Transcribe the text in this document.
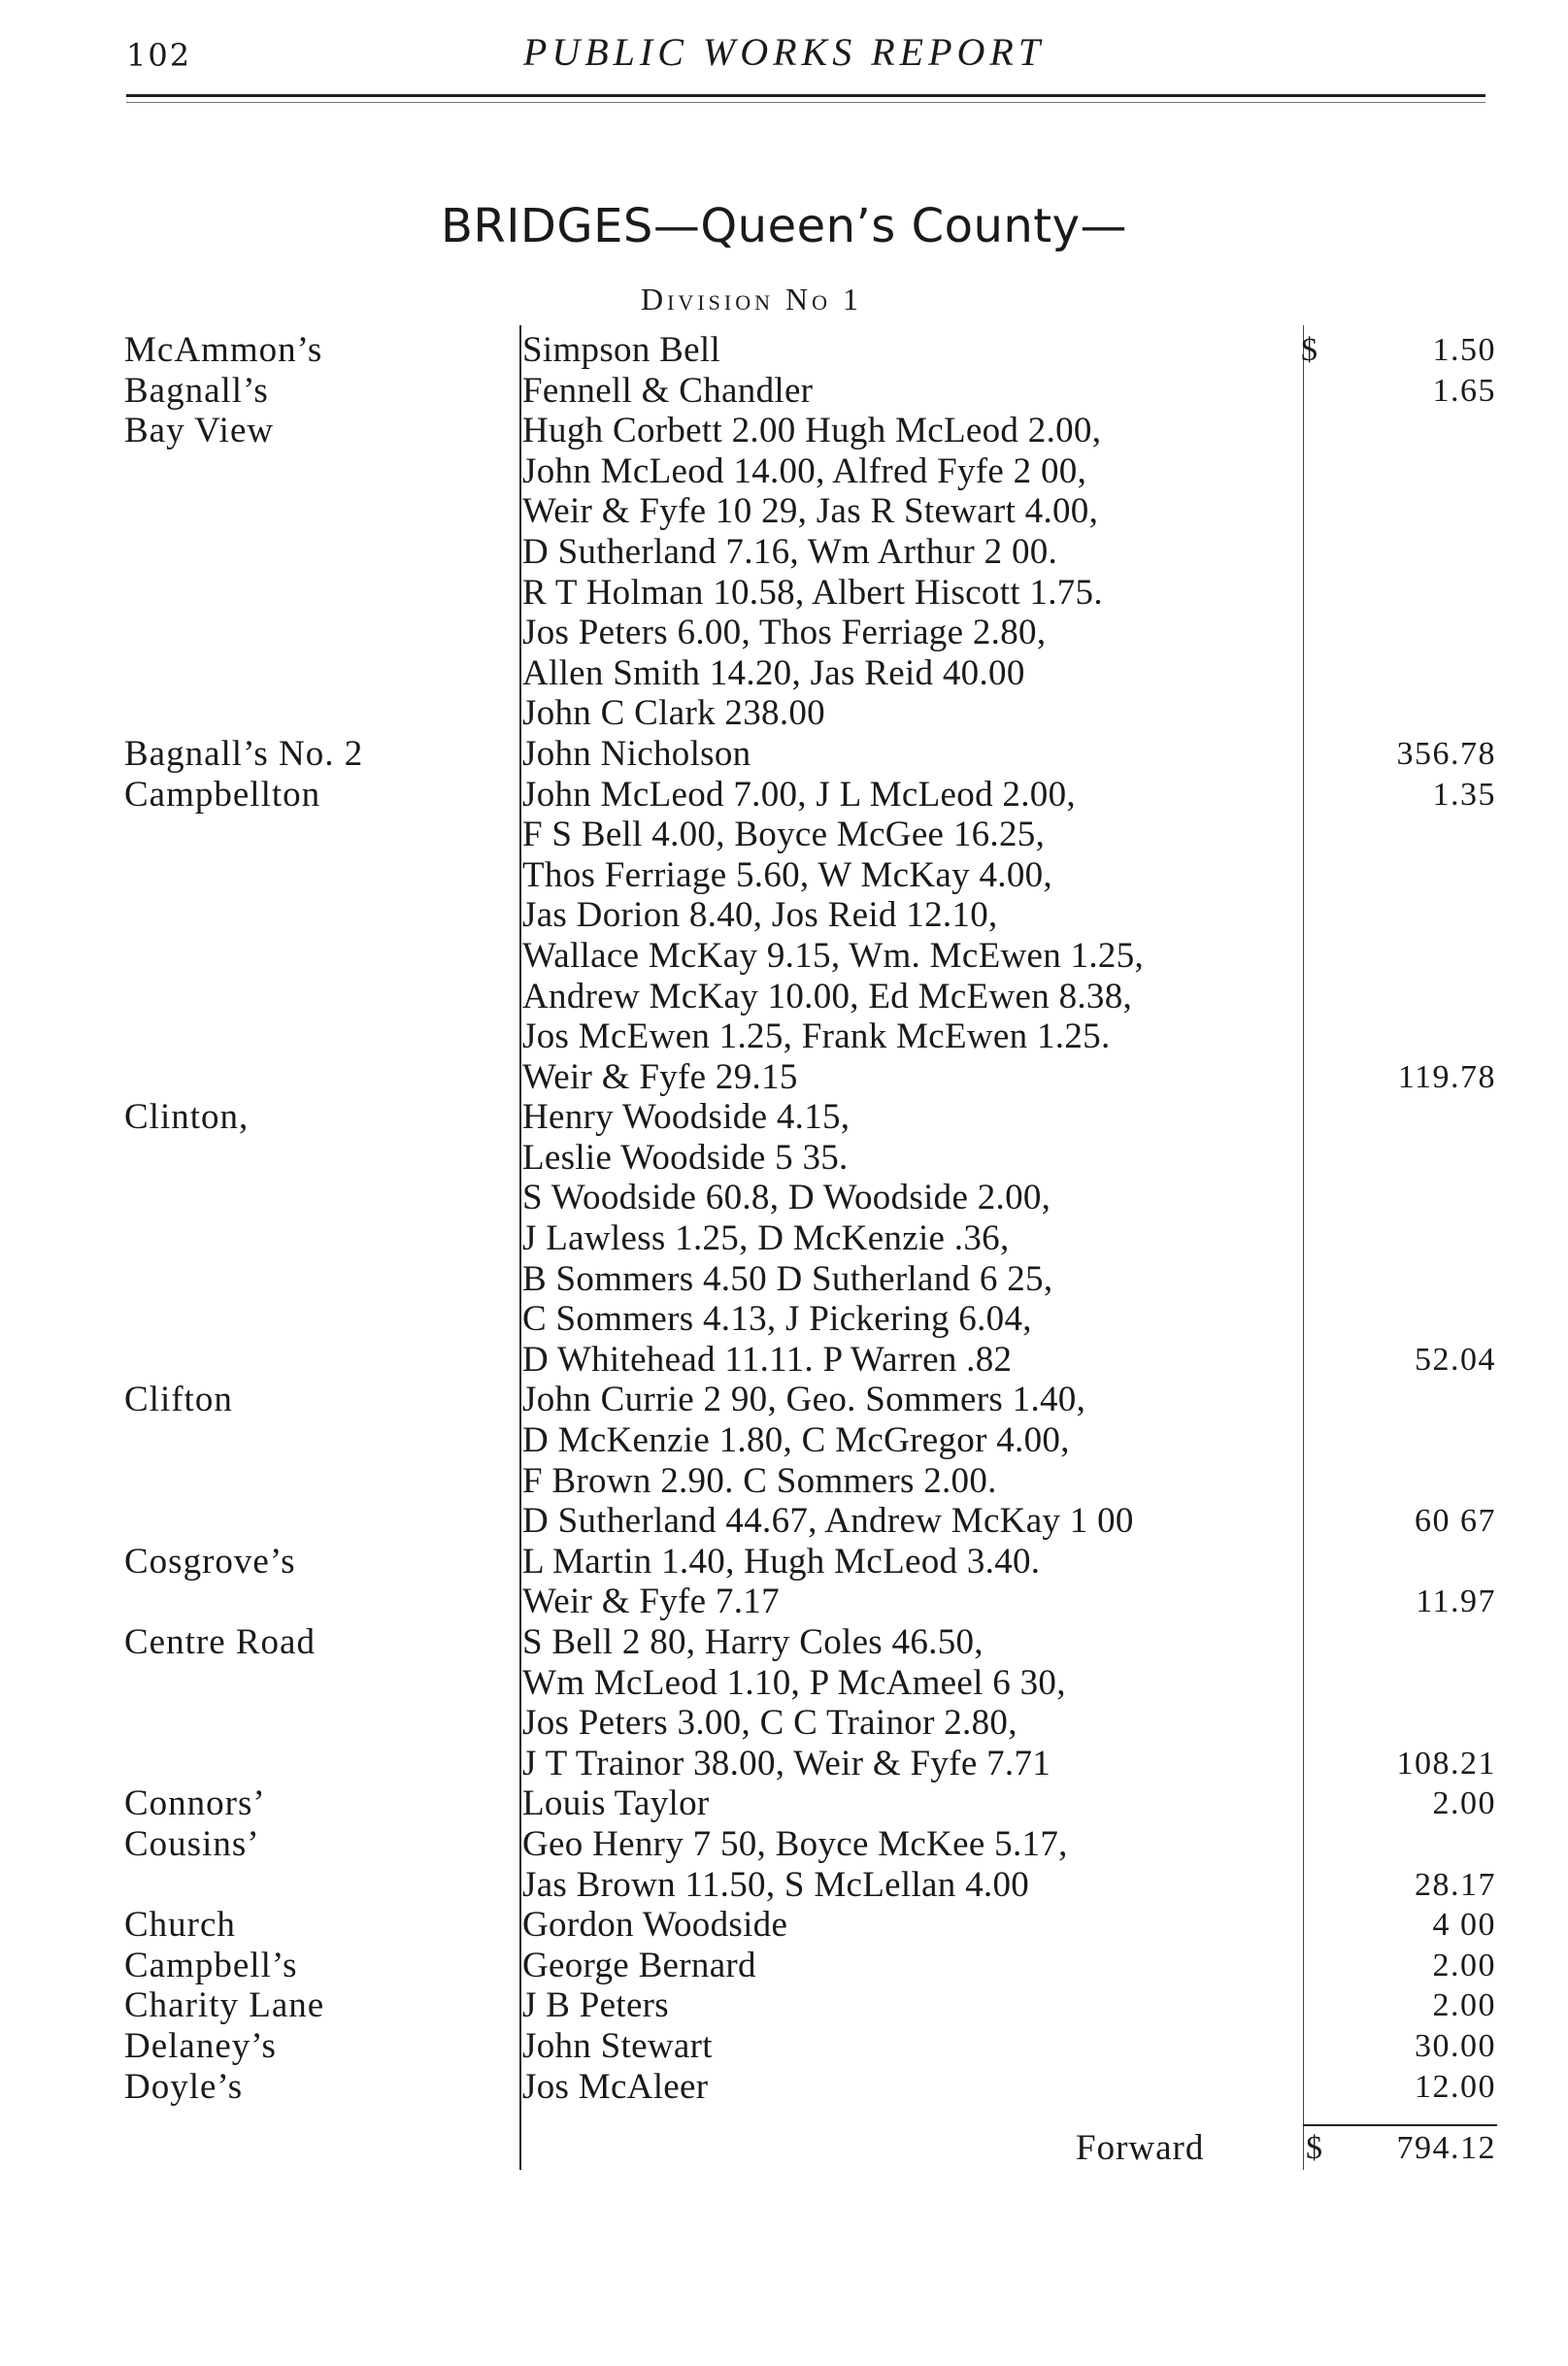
102	PUBLIC WORKS REPORT
BRIDGES—Queen’s County—
Division No 1
McAmmon’s	Simpson Bell	$	1.50
Bagnall’s	Fennell & Chandler	1.65
Bay View	Hugh Corbett 2.00 Hugh McLeod 2.00,
John McLeod 14.00, Alfred Fyfe 2 00,
Weir & Fyfe 10 29, Jas R Stewart 4.00,
D Sutherland 7.16, Wm Arthur 2 00.
R T Holman 10.58, Albert Hiscott 1.75.
Jos Peters 6.00, Thos Ferriage 2.80,
Allen Smith 14.20, Jas Reid 40.00
John C Clark 238.00
Bagnall’s No. 2	John Nicholson	356.78
Campbellton	John McLeod 7.00, J L McLeod 2.00,	1.35
F S Bell 4.00, Boyce McGee 16.25,
Thos Ferriage 5.60, W McKay 4.00,
Jas Dorion 8.40, Jos Reid 12.10,
Wallace McKay 9.15, Wm. McEwen 1.25,
Andrew McKay 10.00, Ed McEwen 8.38,
Jos McEwen 1.25, Frank McEwen 1.25.
Weir & Fyfe 29.15	119.78
Clinton,	Henry Woodside 4.15,
Leslie Woodside 5 35.
S Woodside 60.8, D Woodside 2.00,
J Lawless 1.25, D McKenzie .36,
B Sommers 4.50 D Sutherland 6 25,
C Sommers 4.13, J Pickering 6.04,
D Whitehead 11.11. P Warren .82	52.04
Clifton	John Currie 2 90, Geo. Sommers 1.40,
D McKenzie 1.80, C McGregor 4.00,
F Brown 2.90. C Sommers 2.00.
D Sutherland 44.67, Andrew McKay 1 00	60 67
Cosgrove’s	L Martin 1.40, Hugh McLeod 3.40.
Weir & Fyfe 7.17	11.97
Centre Road	S Bell 2 80, Harry Coles 46.50,
Wm McLeod 1.10, P McAmeel 6 30,
Jos Peters 3.00, C C Trainor 2.80,
J T Trainor 38.00, Weir & Fyfe 7.71	108.21
Connors’	Louis Taylor	2.00
Cousins’	Geo Henry 7 50, Boyce McKee 5.17,
Jas Brown 11.50, S McLellan 4.00	28.17
Church	Gordon Woodside	4 00
Campbell’s	George Bernard	2.00
Charity Lane	J B Peters	2.00
Delaney’s	John Stewart	30.00
Doyle’s	Jos McAleer	12.00
Forward	$ 794.12
